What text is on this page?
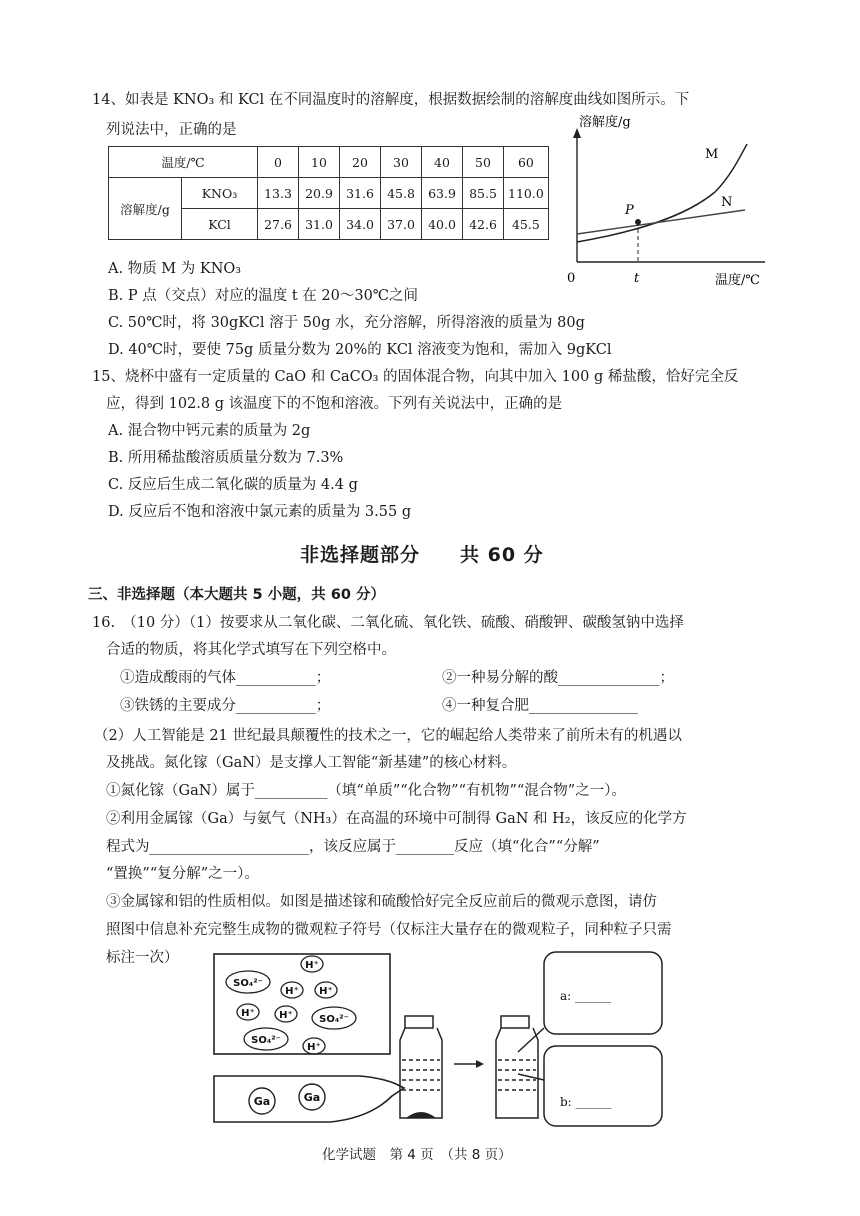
14、如表是 KNO₃ 和 KCl 在不同温度时的溶解度，根据数据绘制的溶解度曲线如图所示。下
列说法中，正确的是
温度/℃		0	10	20	30	40	50	60
溶解度/g	KNO₃	13.3	20.9	31.6	45.8	63.9	85.5	110.0
	KCl	27.6	31.0	34.0	37.0	40.0	42.6	45.5
溶解度/g
M
N
P
0	t	温度/℃
A. 物质 M 为 KNO₃
B. P 点（交点）对应的温度 t 在 20～30℃之间
C. 50℃时，将 30gKCl 溶于 50g 水，充分溶解，所得溶液的质量为 80g
D. 40℃时，要使 75g 质量分数为 20%的 KCl 溶液变为饱和，需加入 9gKCl
15、烧杯中盛有一定质量的 CaO 和 CaCO₃ 的固体混合物，向其中加入 100 g 稀盐酸，恰好完全反
应，得到 102.8 g 该温度下的不饱和溶液。下列有关说法中，正确的是
A. 混合物中钙元素的质量为 2g
B. 所用稀盐酸溶质质量分数为 7.3%
C. 反应后生成二氧化碳的质量为 4.4 g
D. 反应后不饱和溶液中氯元素的质量为 3.55 g
非选择题部分　　共 60 分
三、非选择题（本大题共 5 小题，共 60 分）
16.　（10 分）（1）按要求从二氧化碳、二氧化硫、氧化铁、硫酸、硝酸钾、碳酸氢钠中选择
合适的物质，将其化学式填写在下列空格中。
①造成酸雨的气体___________；	②一种易分解的酸______________；
③铁锈的主要成分___________；	④一种复合肥_______________
（2）人工智能是 21 世纪最具颠覆性的技术之一，它的崛起给人类带来了前所未有的机遇以
及挑战。氮化镓（GaN）是支撑人工智能“新基建”的核心材料。
①氮化镓（GaN）属于__________（填“单质”“化合物”“有机物”“混合物”之一）。
②利用金属镓（Ga）与氨气（NH₃）在高温的环境中可制得 GaN 和 H₂，该反应的化学方
程式为______________________，该反应属于________反应（填“化合”“分解”
“置换”“复分解”之一）。
③金属镓和铝的性质相似。如图是描述镓和硫酸恰好完全反应前后的微观示意图，请仿
照图中信息补充完整生成物的微观粒子符号（仅标注大量存在的微观粒子，同种粒子只需
标注一次）	H⁺
SO₄²⁻
H⁺ H⁺
H⁺ H⁺	SO₄²⁻
SO₄²⁻
H⁺
Ga	Ga
a: ______
b: ______
化学试题　第 4 页　（共 8 页）
